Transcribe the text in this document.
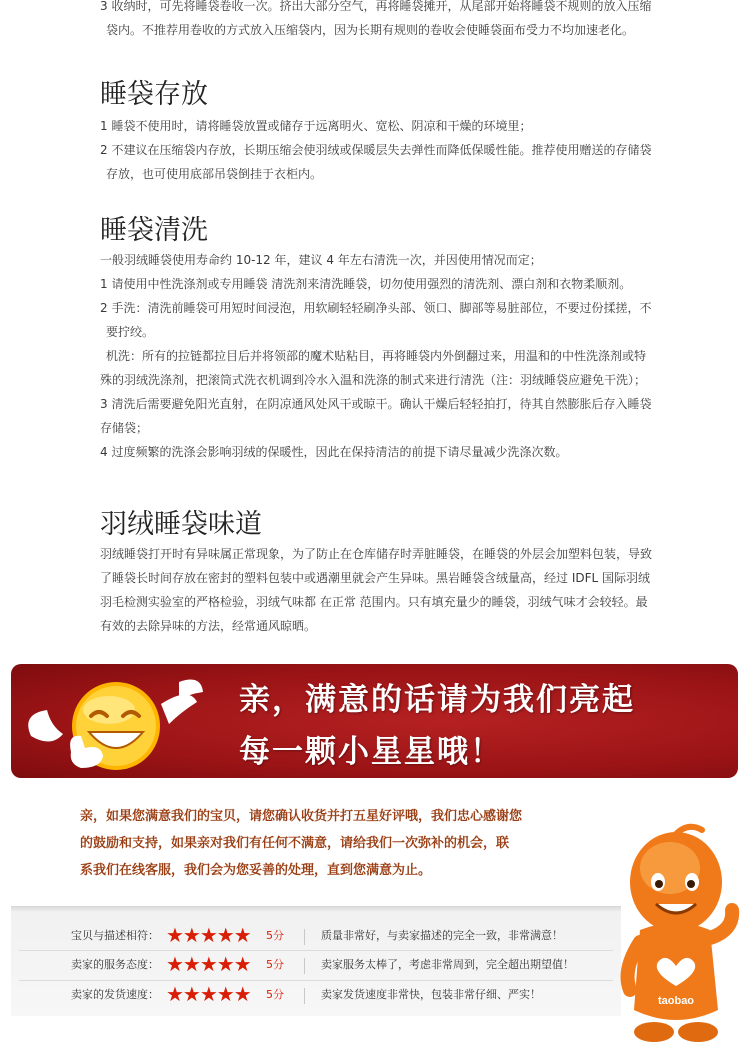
3 收纳时，可先将睡袋卷收一次。挤出大部分空气，再将睡袋摊开，从尾部开始将睡袋不规则的放入压缩
袋内。不推荐用卷收的方式放入压缩袋内，因为长期有规则的卷收会使睡袋面布受力不均加速老化。

睡袋存放

1 睡袋不使用时，请将睡袋放置或储存于远离明火、宽松、阴凉和干燥的环境里；
2 不建议在压缩袋内存放，长期压缩会使羽绒或保暖层失去弹性而降低保暖性能。推荐使用赠送的存储袋
存放，也可使用底部吊袋倒挂于衣柜内。

睡袋清洗

一般羽绒睡袋使用寿命约 10-12 年，建议 4 年左右清洗一次，并因使用情况而定；
1 请使用中性洗涤剂或专用睡袋 清洗剂来清洗睡袋，切勿使用强烈的清洗剂、漂白剂和衣物柔顺剂。
2 手洗：清洗前睡袋可用短时间浸泡，用软刷轻轻刷净头部、领口、脚部等易脏部位，不要过份揉搓，不
要拧绞。
机洗：所有的拉链都拉目后并将领部的魔术贴粘目，再将睡袋内外倒翻过来，用温和的中性洗涤剂或特
殊的羽绒洗涤剂，把滚筒式洗衣机调到冷水入温和洗涤的制式来进行清洗（注：羽绒睡袋应避免干洗）；
3 清洗后需要避免阳光直射，在阴凉通风处风干或晾干。确认干燥后轻轻拍打，待其自然膨胀后存入睡袋
存储袋；
4 过度频繁的洗涤会影响羽绒的保暖性，因此在保持清洁的前提下请尽量减少洗涤次数。

羽绒睡袋味道

羽绒睡袋打开时有异味属正常现象，为了防止在仓库储存时弄脏睡袋，在睡袋的外层会加塑料包装，导致
了睡袋长时间存放在密封的塑料包装中或遇潮里就会产生异味。黑岩睡袋含绒量高，经过 IDFL 国际羽绒
羽毛检测实验室的严格检验，羽绒气味都 在正常 范围内。只有填充量少的睡袋，羽绒气味才会较轻。最
有效的去除异味的方法，经常通风晾晒。

亲，满意的话请为我们亮起
每一颗小星星哦！

亲，如果您满意我们的宝贝，请您确认收货并打五星好评哦，我们忠心感谢您
的鼓励和支持，如果亲对我们有任何不满意，请给我们一次弥补的机会，联
系我们在线客服，我们会为您妥善的处理，直到您满意为止。

宝贝与描述相符： ★★★★★ 5分	质量非常好，与卖家描述的完全一致，非常满意！
卖家的服务态度： ★★★★★ 5分	卖家服务太棒了，考虑非常周到，完全超出期望值！
卖家的发货速度： ★★★★★ 5分	卖家发货速度非常快，包装非常仔细、严实！	taobao
